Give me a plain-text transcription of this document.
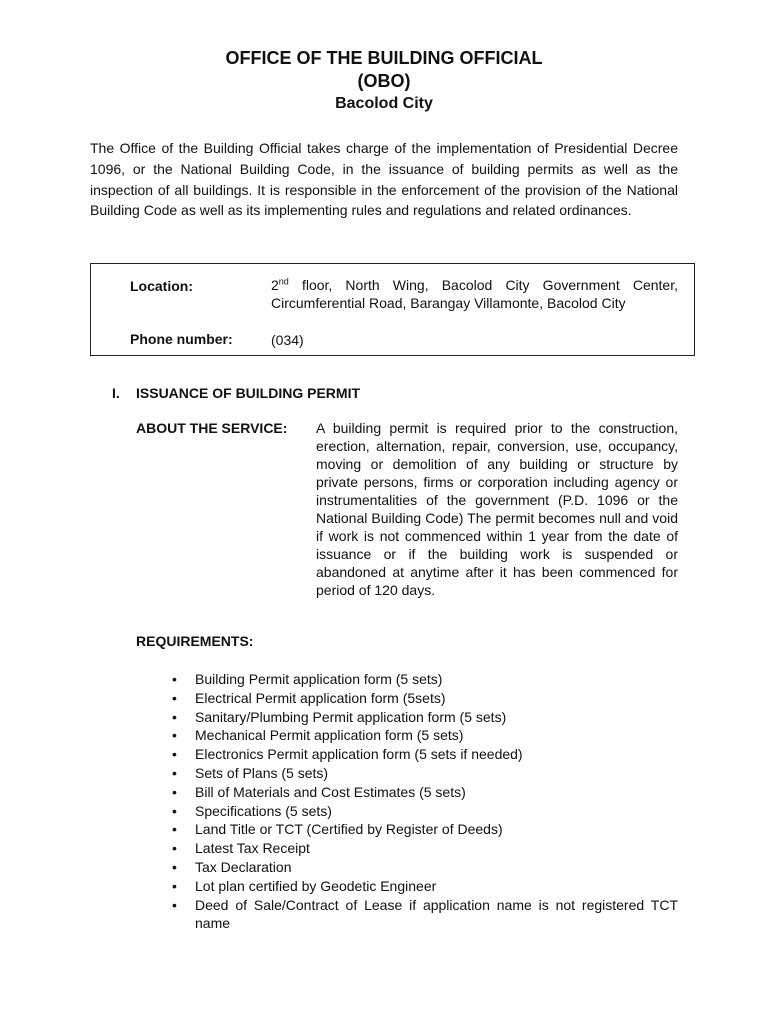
OFFICE OF THE BUILDING OFFICIAL
(OBO)
Bacolod City

The Office of the Building Official takes charge of the implementation of Presidential Decree 1096, or the National Building Code, in the issuance of building permits as well as the inspection of all buildings. It is responsible in the enforcement of the provision of the National Building Code as well as its implementing rules and regulations and related ordinances.

Location:	2nd floor, North Wing, Bacolod City Government Center, Circumferential Road, Barangay Villamonte, Bacolod City
Phone number:	(034)
I. ISSUANCE OF BUILDING PERMIT
ABOUT THE SERVICE: A building permit is required prior to the construction, erection, alternation, repair, conversion, use, occupancy, moving or demolition of any building or structure by private persons, firms or corporation including agency or instrumentalities of the government (P.D. 1096 or the National Building Code) The permit becomes null and void if work is not commenced within 1 year from the date of issuance or if the building work is suspended or abandoned at anytime after it has been commenced for period of 120 days.

REQUIREMENTS:
• Building Permit application form (5 sets)
• Electrical Permit application form (5sets)
• Sanitary/Plumbing Permit application form (5 sets)
• Mechanical Permit application form (5 sets)
• Electronics Permit application form (5 sets if needed)
• Sets of Plans (5 sets)
• Bill of Materials and Cost Estimates (5 sets)
• Specifications (5 sets)
• Land Title or TCT (Certified by Register of Deeds)
• Latest Tax Receipt
• Tax Declaration
• Lot plan certified by Geodetic Engineer
• Deed of Sale/Contract of Lease if application name is not registered TCT name
